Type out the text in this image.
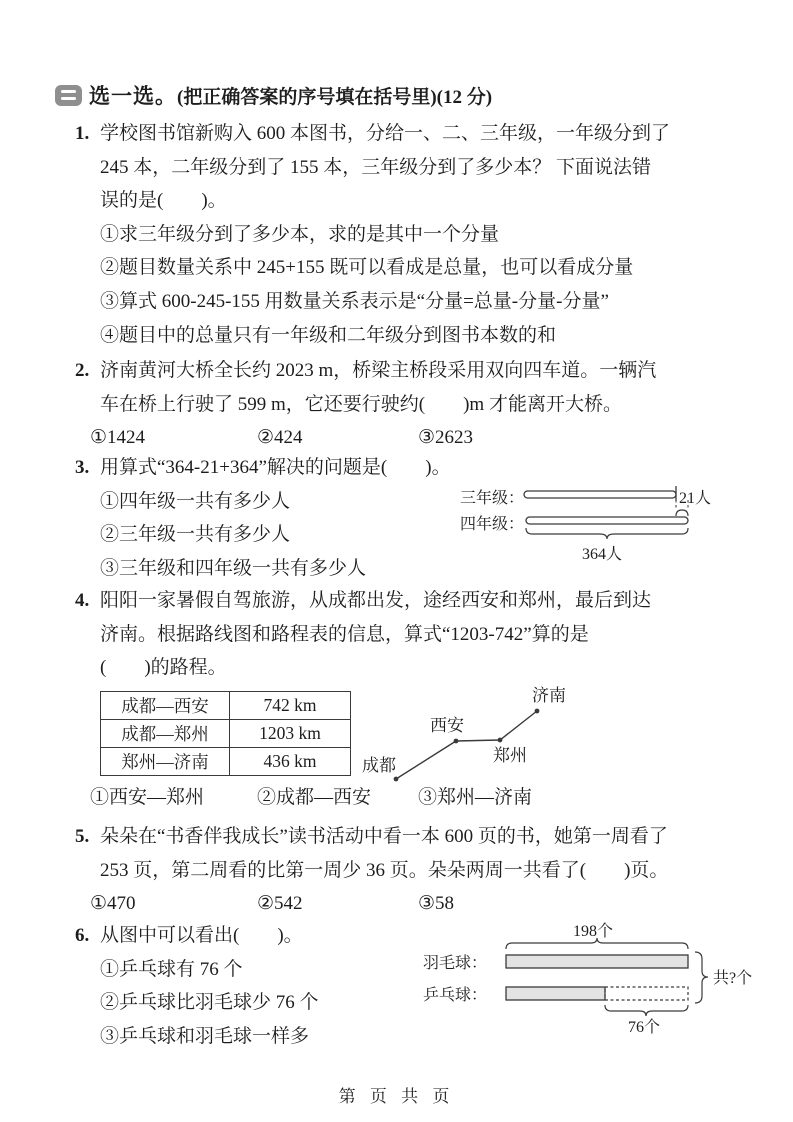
选一选。 (把正确答案的序号填在括号里)(12 分)
1. 学校图书馆新购入 600 本图书，分给一、二、三年级，一年级分到了
245 本，二年级分到了 155 本，三年级分到了多少本？ 下面说法错
误的是(        )。
①求三年级分到了多少本，求的是其中一个分量
②题目数量关系中 245+155 既可以看成是总量，也可以看成分量
③算式 600-245-155 用数量关系表示是“分量=总量-分量-分量”
④题目中的总量只有一年级和二年级分到图书本数的和
2. 济南黄河大桥全长约 2023 m，桥梁主桥段采用双向四车道。一辆汽
车在桥上行驶了 599 m，它还要行驶约(        )m 才能离开大桥。
①1424	②424	③2623
3. 用算式“364-21+364”解决的问题是(        )。
①四年级一共有多少人
②三年级一共有多少人
③三年级和四年级一共有多少人
三年级：	21人
四年级：
364人
4. 阳阳一家暑假自驾旅游，从成都出发，途经西安和郑州，最后到达
济南。根据路线图和路程表的信息，算式“1203-742”算的是
(        )的路程。
成都—西安	742 km
成都—郑州	1203 km
郑州—济南	436 km	成都
西安
郑州
济南
①西安—郑州	②成都—西安 ③郑州—济南
5. 朵朵在“书香伴我成长”读书活动中看一本 600 页的书，她第一周看了
253 页，第二周看的比第一周少 36 页。朵朵两周一共看了(        )页。
①470	②542	③58
6. 从图中可以看出(        )。
①乒乓球有 76 个
②乒乓球比羽毛球少 76 个
③乒乓球和羽毛球一样多
198个
羽毛球：
乒乓球：
共?个
76个
第 页 共 页
